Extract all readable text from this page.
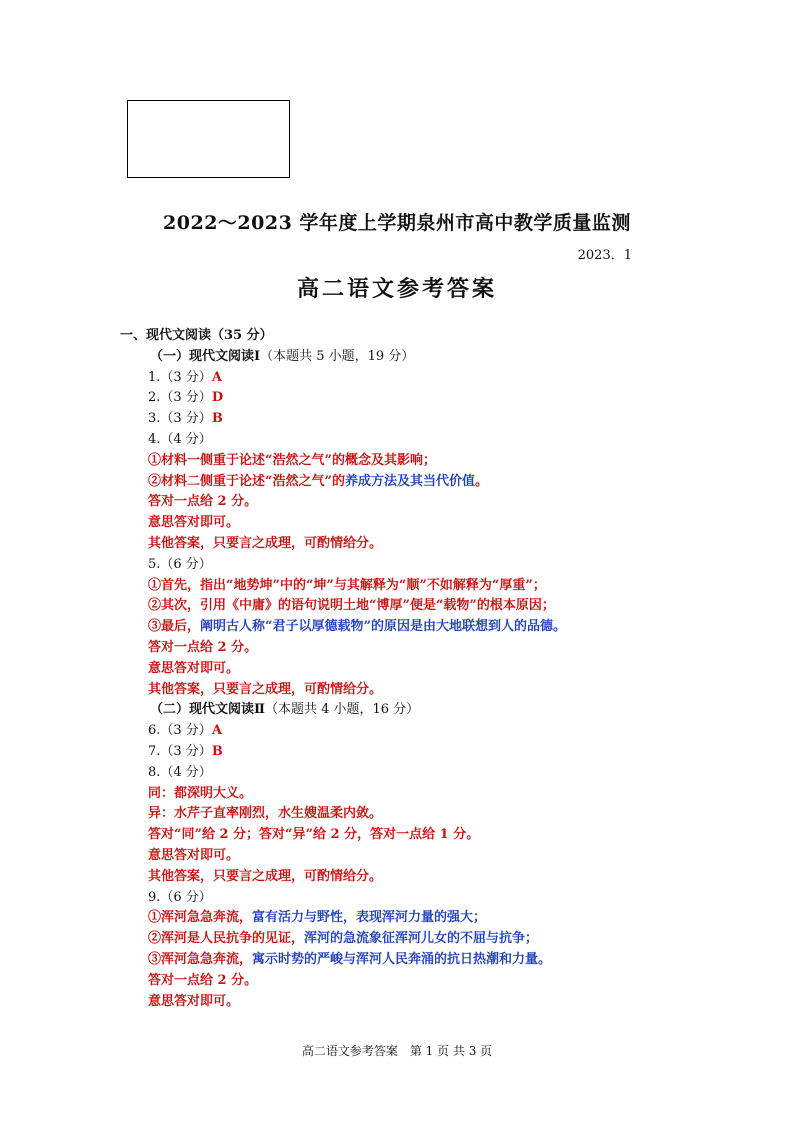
2022～2023 学年度上学期泉州市高中教学质量监测
2023．1
高二语文参考答案
一、现代文阅读（35 分）
（一）现代文阅读Ⅰ（本题共 5 小题，19 分）
1.（3 分）A
2.（3 分）D
3.（3 分）B
4.（4 分）
①材料一侧重于论述“浩然之气”的概念及其影响；
②材料二侧重于论述“浩然之气”的养成方法及其当代价值。
答对一点给 2 分。
意思答对即可。
其他答案，只要言之成理，可酌情给分。
5.（6 分）
①首先，指出“地势坤”中的“坤”与其解释为“顺”不如解释为“厚重”；
②其次，引用《中庸》的语句说明土地“博厚”便是“载物”的根本原因；
③最后，阐明古人称“君子以厚德载物”的原因是由大地联想到人的品德。
答对一点给 2 分。
意思答对即可。
其他答案，只要言之成理，可酌情给分。
（二）现代文阅读Ⅱ（本题共 4 小题，16 分）
6.（3 分）A
7.（3 分）B
8.（4 分）
同：都深明大义。
异：水芹子直率刚烈，水生嫂温柔内敛。
答对“同”给 2 分；答对“异”给 2 分，答对一点给 1 分。
意思答对即可。
其他答案，只要言之成理，可酌情给分。
9.（6 分）
①浑河急急奔流，富有活力与野性，表现浑河力量的强大；
②浑河是人民抗争的见证，浑河的急流象征浑河儿女的不屈与抗争；
③浑河急急奔流，寓示时势的严峻与浑河人民奔涌的抗日热潮和力量。
答对一点给 2 分。
意思答对即可。
高二语文参考答案　第 1 页 共 3 页
